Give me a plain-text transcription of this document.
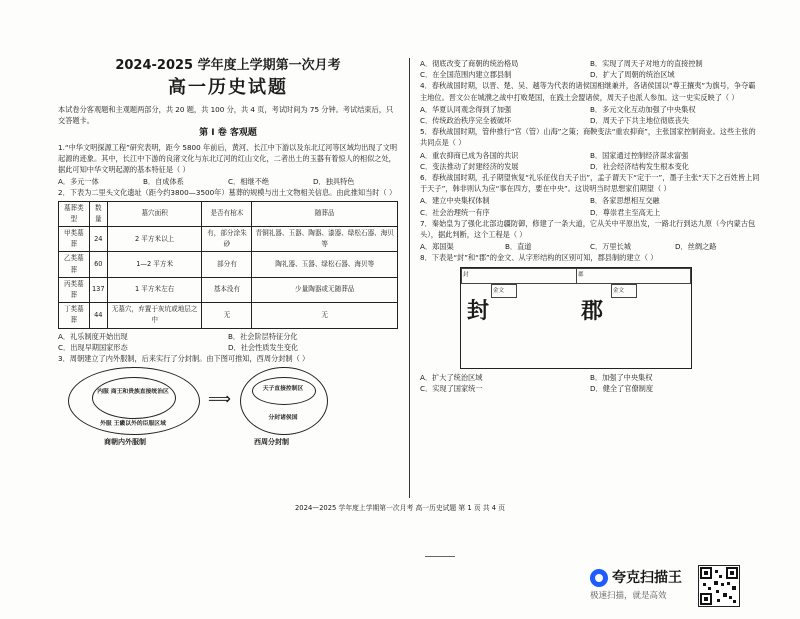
2024-2025 学年度上学期第一次月考
高一历史试题

本试卷分客观题和主观题两部分，共 20 题，共 100 分，共 4 页，考试时间为 75 分钟。考试结束后，只交答题卡。

第 Ⅰ 卷 客观题

1.“中华文明探源工程”研究表明，距今 5800 年前后，黄河、长江中下游以及东北辽河等区域均出现了文明起源的迹象。其中，长江中下游的良渚文化与东北辽河的红山文化，二者出土的玉器有着惊人的相似之处，据此可知中华文明起源的基本特征是（ ）

A．多元一体	B．自成体系	C．相继不绝	D．独具特色

2．下表为二里头文化遗址（距今约3800—3500年）墓葬的规模与出土文物相关信息。由此推知当时（ ）

墓葬类型	数量	墓穴面积	是否有棺木	随葬品
甲类墓葬	24	2 平方米以上	有，部分涂朱砂	青铜礼器、玉器、陶器、漆器、绿松石器、海贝等
乙类墓葬	60	1—2 平方米	部分有	陶礼器、玉器、绿松石器、海贝等
丙类墓葬	137	1 平方米左右	基本没有	少量陶器或无随葬品
丁类墓葬	44	无墓穴，弃置于灰坑或地层之中	无	无
A．礼乐制度开始出现	B．社会阶层特征分化
C．出现早期国家形态	D．社会性质发生变化

3．周朝建立了内外服制，后来实行了分封制。由下图可推知，西周分封制（ ）

内服 商王和贵族直接统治区
外服 王畿以外的臣服区域
商朝内外服制
⟹	天子直接控制区
分封诸侯国
西周分封制
A．彻底改变了商朝的统治格局	B．实现了周天子对地方的直接控制
C．在全国范围内建立郡县制	D．扩大了周朝的统治区域

4．春秋战国时期，以晋、楚、吴、越等为代表的诸侯国相继兼并，各诸侯国以“尊王攘夷”为旗号，争夺霸主地位。晋文公在城濮之战中打败楚国，在践土会盟诸侯，周天子也派人参加。这一史实反映了（ ）

A．华夏认同观念得到了加强	B．多元文化互动加强了中央集权
C．传统政治秩序完全被破坏	D．周天子下共主地位彻底丧失

5．春秋战国时期，管仲推行“官（管）山海”之策；商鞅变法“重农抑商”，主张国家控制商业。这些主张的共同点是（ ）

A．重农抑商已成为各国的共识	B．国家通过控制经济谋求富强
C．变法推动了封建经济的发展	D．社会经济结构发生根本变化

6．春秋战国时期，孔子期望恢复“礼乐征伐自天子出”，孟子谓天下“定于一”，墨子主张“天下之百姓皆上同于天子”，韩非则认为应“事在四方，要在中央”。这说明当时思想家们期望（ ）

A．建立中央集权体制	B．各家思想相互交融
C．社会治理统一有序	D．尊崇君主至高无上

7．秦始皇为了强化北部边疆防御，修建了一条大道，它从关中平原出发，一路北行到达九原（今内蒙古包头），据此判断，这个工程是（ ）

A．郑国渠	B．直道	C．万里长城	D．丝绸之路

8．下表是“封”和“郡”的金文、从字形结构的区别可知，郡县制的建立（ ）

封	郡
金文	金文
封	郡
A．扩大了统治区域	B．加强了中央集权
C．实现了国家统一	D．健全了官僚制度
2024—2025 学年度上学期第一次月考 高一历史试题 第 1 页 共 4 页
夸克扫描王
极速扫描，就是高效
